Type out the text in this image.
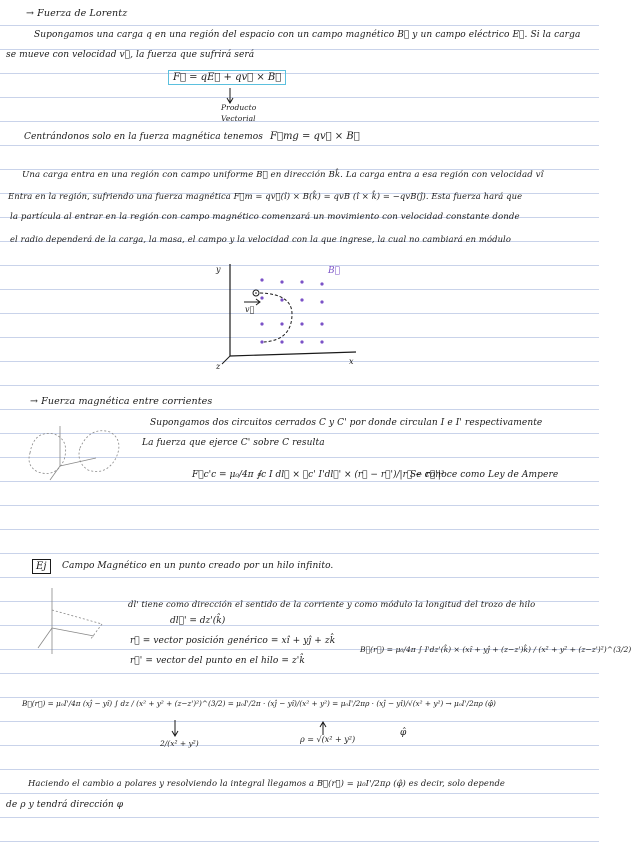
→ Fuerza de Lorentz
Supongamos una carga q en una región del espacio con un campo magnético B⃗ y un campo eléctrico E⃗. Si la carga
se mueve con velocidad v⃗, la fuerza que sufrirá será
F⃗ = qE⃗ + qv⃗ × B⃗
Producto
Vectorial
Centrándonos solo en la fuerza magnética tenemos F⃗mg = qv⃗ × B⃗
Una carga entra en una región con campo uniforme B⃗ en dirección Bk̂. La carga entra a esa región con velocidad vî
Entra en la región, sufriendo una fuerza magnética F⃗m = qv⃗(î) × B(k̂) = qvB (î × k̂) = −qvB(ĵ). Esta fuerza hará que
la partícula al entrar en la región con campo magnético comenzará un movimiento con velocidad constante donde
el radio dependerá de la carga, la masa, el campo y la velocidad con la que ingrese, la cual no cambiará en módulo
y
x
z
B⃗
v⃗
→ Fuerza magnética entre corrientes
Supongamos dos circuitos cerrados C y C' por donde circulan I e I' respectivamente
La fuerza que ejerce C' sobre C resulta
F⃗c'c = μ₀/4π ∮c I dl⃗ × ∮c' I'dl⃗' × (r⃗ − r⃗')/|r⃗ − r⃗'|³
Se conoce como Ley de Ampere
Ej	Campo Magnético en un punto creado por un hilo infinito.
dl' tiene como dirección el sentido de la corriente y como módulo la longitud del trozo de hilo
dl⃗' = dz'(k̂)
r⃗ = vector posición genérico = xî + yĵ + zk̂
r⃗' = vector del punto en el hilo = z'k̂
B⃗(r⃗) = μ₀/4π ∫ I'dz'(k̂) × (xî + yĵ + (z−z')k̂) / (x² + y² + (z−z')²)^(3/2)
B⃗(r⃗) = μ₀I'/4π (xĵ − yî) ∫ dz / (x² + y² + (z−z')²)^(3/2) = μ₀I'/2π · (xĵ − yî)/(x² + y²) = μ₀I'/2πρ · (xĵ − yî)/√(x² + y²) → μ₀I'/2πρ (φ̂)
2/(x² + y²)	ρ = √(x² + y²)
φ̂
Haciendo el cambio a polares y resolviendo la integral llegamos a B⃗(r⃗) = μ₀I'/2πρ (φ̂) es decir, solo depende
de ρ y tendrá dirección φ
